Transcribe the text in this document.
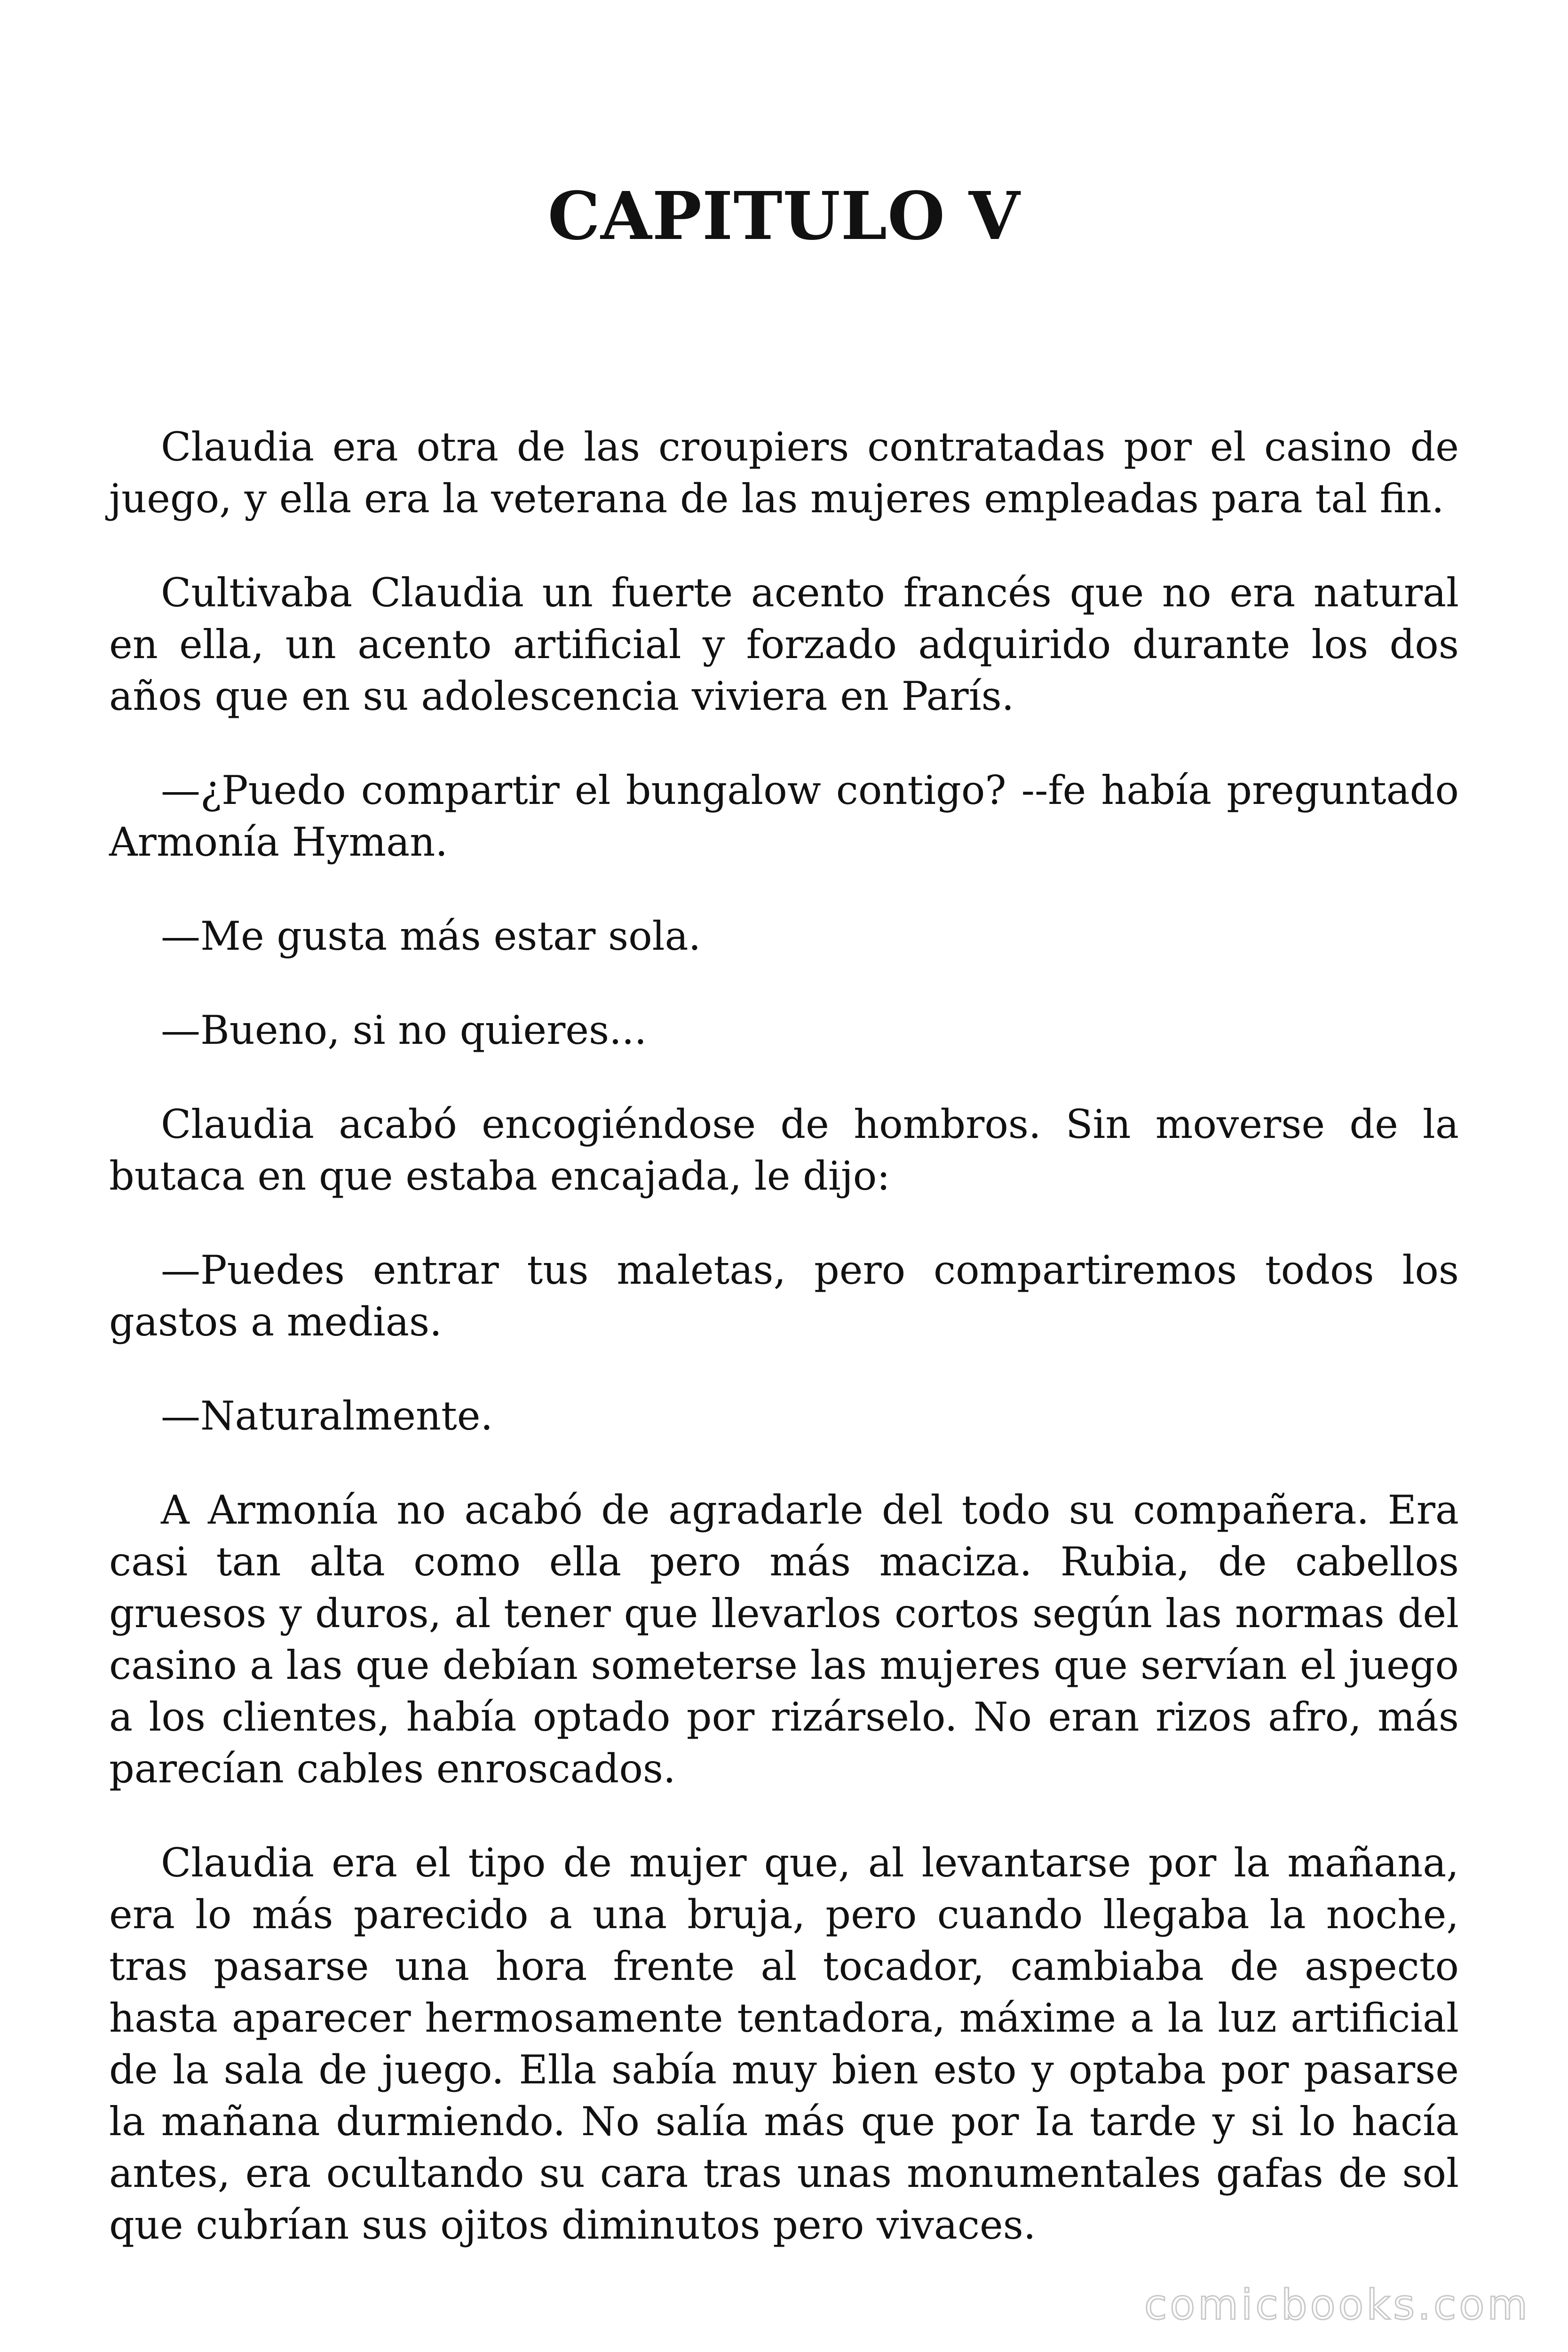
CAPITULO V

Claudia era otra de las croupiers contratadas por el casino de juego, y ella era la veterana de las mujeres empleadas para tal fin.

Cultivaba Claudia un fuerte acento francés que no era natural en ella, un acento artificial y forzado adquirido durante los dos años que en su adolescencia viviera en París.

—¿Puedo compartir el bungalow contigo? --fe había preguntado Armonía Hyman.

—Me gusta más estar sola.

—Bueno, si no quieres...

Claudia acabó encogiéndose de hombros. Sin moverse de la butaca en que estaba encajada, le dijo:

—Puedes entrar tus maletas, pero compartiremos todos los gastos a medias.

—Naturalmente.

A Armonía no acabó de agradarle del todo su compañera. Era casi tan alta como ella pero más maciza. Rubia, de cabellos gruesos y duros, al tener que llevarlos cortos según las normas del casino a las que debían someterse las mujeres que servían el juego a los clientes, había optado por rizárselo. No eran rizos afro, más parecían cables enroscados.

Claudia era el tipo de mujer que, al levantarse por la mañana, era lo más parecido a una bruja, pero cuando llegaba la noche, tras pasarse una hora frente al tocador, cambiaba de aspecto hasta aparecer hermosamente tentadora, máxime a la luz artificial de la sala de juego. Ella sabía muy bien esto y optaba por pasarse la mañana durmiendo. No salía más que por Ia tarde y si lo hacía antes, era ocultando su cara tras unas monumentales gafas de sol que cubrían sus ojitos diminutos pero vivaces.

comicbooks.com
